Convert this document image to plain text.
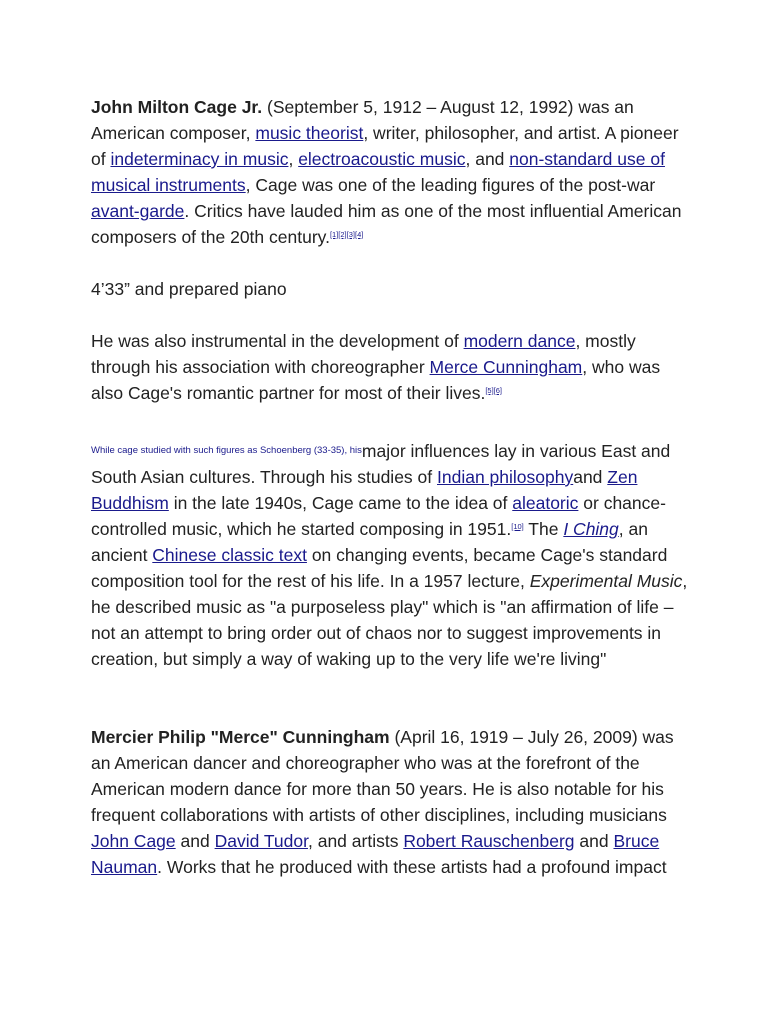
John Milton Cage Jr. (September 5, 1912 – August 12, 1992) was an American composer, music theorist, writer, philosopher, and artist. A pioneer of indeterminacy in music, electroacoustic music, and non-standard use of musical instruments, Cage was one of the leading figures of the post-war avant-garde. Critics have lauded him as one of the most influential American composers of the 20th century.[1][2][3][4]

4’33” and prepared piano

He was also instrumental in the development of modern dance, mostly through his association with choreographer Merce Cunningham, who was also Cage's romantic partner for most of their lives.[5][6]

$^{While cage studied with such figures as Schoenberg (33-35), his}$major influences lay in various East and South Asian cultures. Through his studies of Indian philosophyand Zen Buddhism in the late 1940s, Cage came to the idea of aleatoric or chance-controlled music, which he started composing in 1951.[10] The I Ching, an ancient Chinese classic text on changing events, became Cage's standard composition tool for the rest of his life. In a 1957 lecture, Experimental Music, he described music as "a purposeless play" which is "an affirmation of life – not an attempt to bring order out of chaos nor to suggest improvements in creation, but simply a way of waking up to the very life we're living"

Mercier Philip "Merce" Cunningham (April 16, 1919 – July 26, 2009) was an American dancer and choreographer who was at the forefront of the American modern dance for more than 50 years. He is also notable for his frequent collaborations with artists of other disciplines, including musicians John Cage and David Tudor, and artists Robert Rauschenberg and Bruce Nauman. Works that he produced with these artists had a profound impact
